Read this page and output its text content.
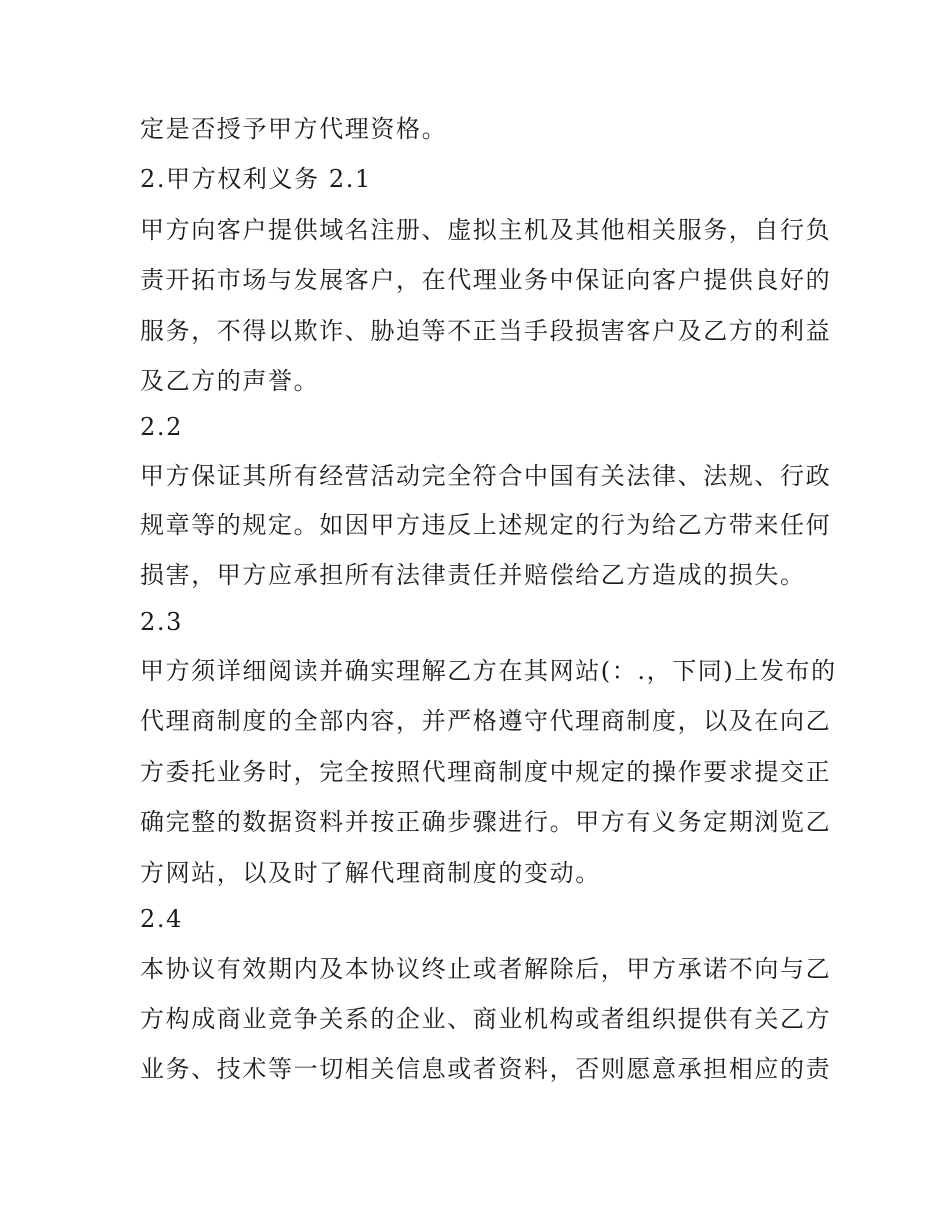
定是否授予甲方代理资格。
2.甲方权利义务 2.1
甲方向客户提供域名注册、虚拟主机及其他相关服务，自行负
责开拓市场与发展客户，在代理业务中保证向客户提供良好的
服务，不得以欺诈、胁迫等不正当手段损害客户及乙方的利益
及乙方的声誉。
2.2
甲方保证其所有经营活动完全符合中国有关法律、法规、行政
规章等的规定。如因甲方违反上述规定的行为给乙方带来任何
损害，甲方应承担所有法律责任并赔偿给乙方造成的损失。
2.3
甲方须详细阅读并确实理解乙方在其网站(：.，下同)上发布的
代理商制度的全部内容，并严格遵守代理商制度，以及在向乙
方委托业务时，完全按照代理商制度中规定的操作要求提交正
确完整的数据资料并按正确步骤进行。甲方有义务定期浏览乙
方网站，以及时了解代理商制度的变动。
2.4
本协议有效期内及本协议终止或者解除后，甲方承诺不向与乙
方构成商业竞争关系的企业、商业机构或者组织提供有关乙方
业务、技术等一切相关信息或者资料，否则愿意承担相应的责
